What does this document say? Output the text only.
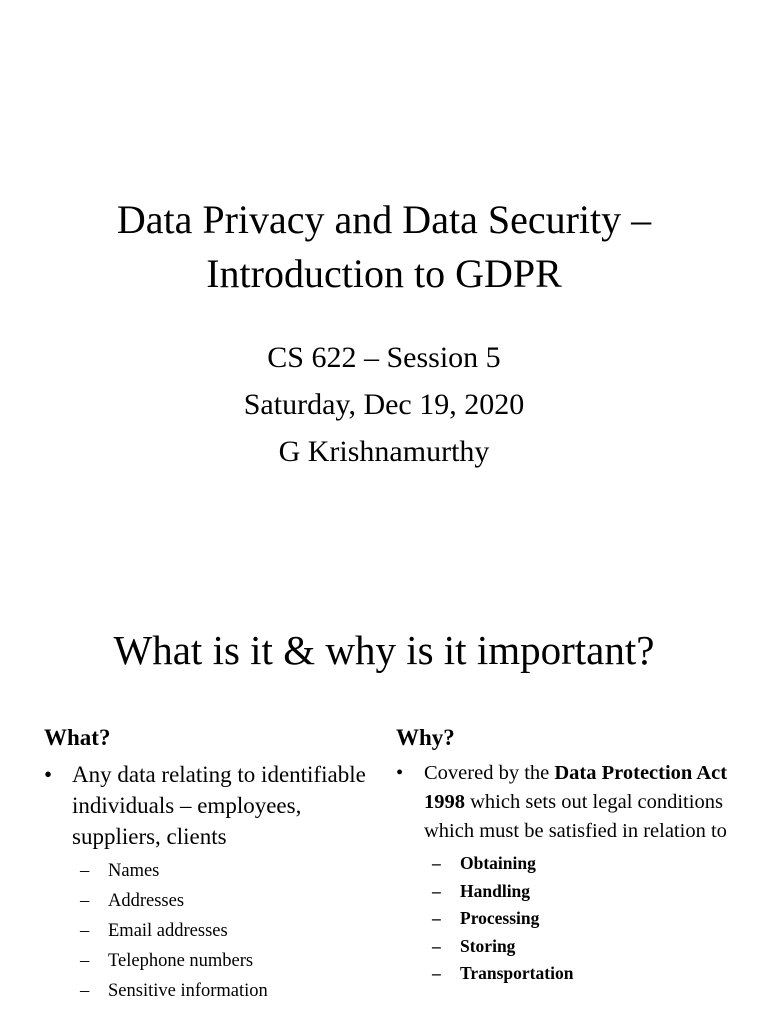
Data Privacy and Data Security –
Introduction to GDPR
CS 622 – Session 5
Saturday, Dec 19, 2020
G Krishnamurthy
What is it & why is it important?
What?
• Any data relating to identifiable individuals – employees, suppliers, clients
– Names
– Addresses
– Email addresses
– Telephone numbers
– Sensitive information
Why?
• Covered by the Data Protection Act 1998 which sets out legal conditions which must be satisfied in relation to
– Obtaining
– Handling
– Processing
– Storing
– Transportation
